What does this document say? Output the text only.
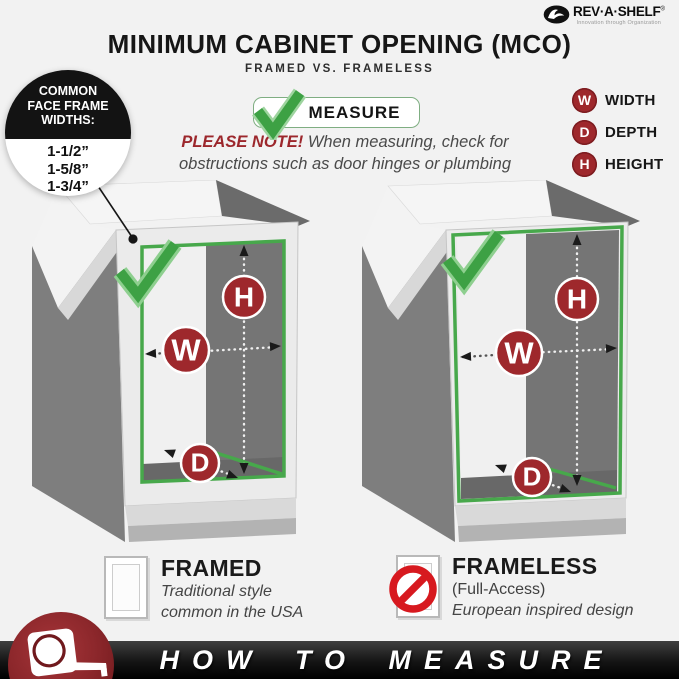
REV·A·SHELF®
Innovation through Organization
MINIMUM CABINET OPENING (MCO)
FRAMED VS. FRAMELESS
COMMON
FACE FRAME
WIDTHS:
1-1/2”
1-5/8”
1-3/4”
MEASURE
PLEASE NOTE! When measuring, check for
obstructions such as door hinges or plumbing
W WIDTH
D	DEPTH
H	HEIGHT
H
W
D
H
W
D
FRAMED
Traditional style
common in the USA
FRAMELESS
(Full-Access)
European inspired design
HOW TO MEASURE
